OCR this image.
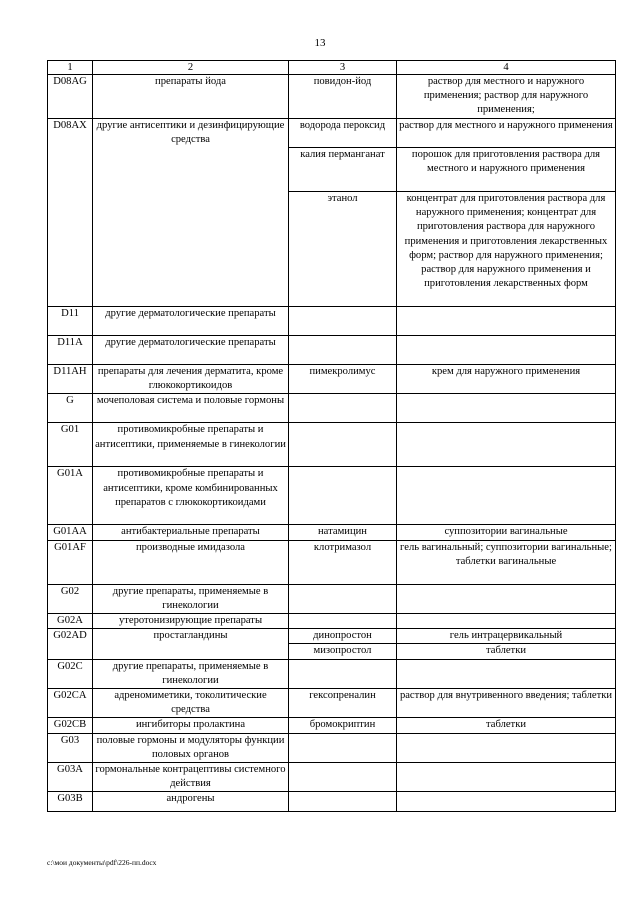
13
1	2	3	4
D08AG	препараты йода	повидон-йод	раствор для местного и наружного применения; раствор для наружного применения;
D08AX	другие антисептики и дезинфицирующие средства	водорода пероксид	раствор для местного и наружного применения
		калия перманганат	порошок для приготовления раствора для местного и наружного применения
		этанол	концентрат для приготовления раствора для наружного применения; концентрат для приготовления раствора для наружного применения и приготовления лекарственных форм; раствор для наружного применения; раствор для наружного применения и приготовления лекарственных форм
D11	другие дерматологические препараты		
D11A	другие дерматологические препараты		
D11AH	препараты для лечения дерматита, кроме глюкокортикоидов	пимекролимус	крем для наружного применения
G	мочеполовая система и половые гормоны		
G01	противомикробные препараты и антисептики, применяемые в гинекологии		
G01A	противомикробные препараты и антисептики, кроме комбинированных препаратов с глюкокортикоидами		
G01AA	антибактериальные препараты	натамицин	суппозитории вагинальные
G01AF	производные имидазола	клотримазол	гель вагинальный; суппозитории вагинальные; таблетки вагинальные
G02	другие препараты, применяемые в гинекологии		
G02A	утеротонизирующие препараты		
G02AD	простагландины	динопростон	гель интрацервикальный
		мизопростол	таблетки
G02C	другие препараты, применяемые в гинекологии		
G02CA	адреномиметики, токолитические средства	гексопреналин	раствор для внутривенного введения; таблетки
G02CB	ингибиторы пролактина	бромокриптин	таблетки
G03	половые гормоны и модуляторы функции половых органов		
G03A	гормональные контрацептивы системного действия		
G03B	андрогены		
c:\мои документы\pdf\226-пп.docx
